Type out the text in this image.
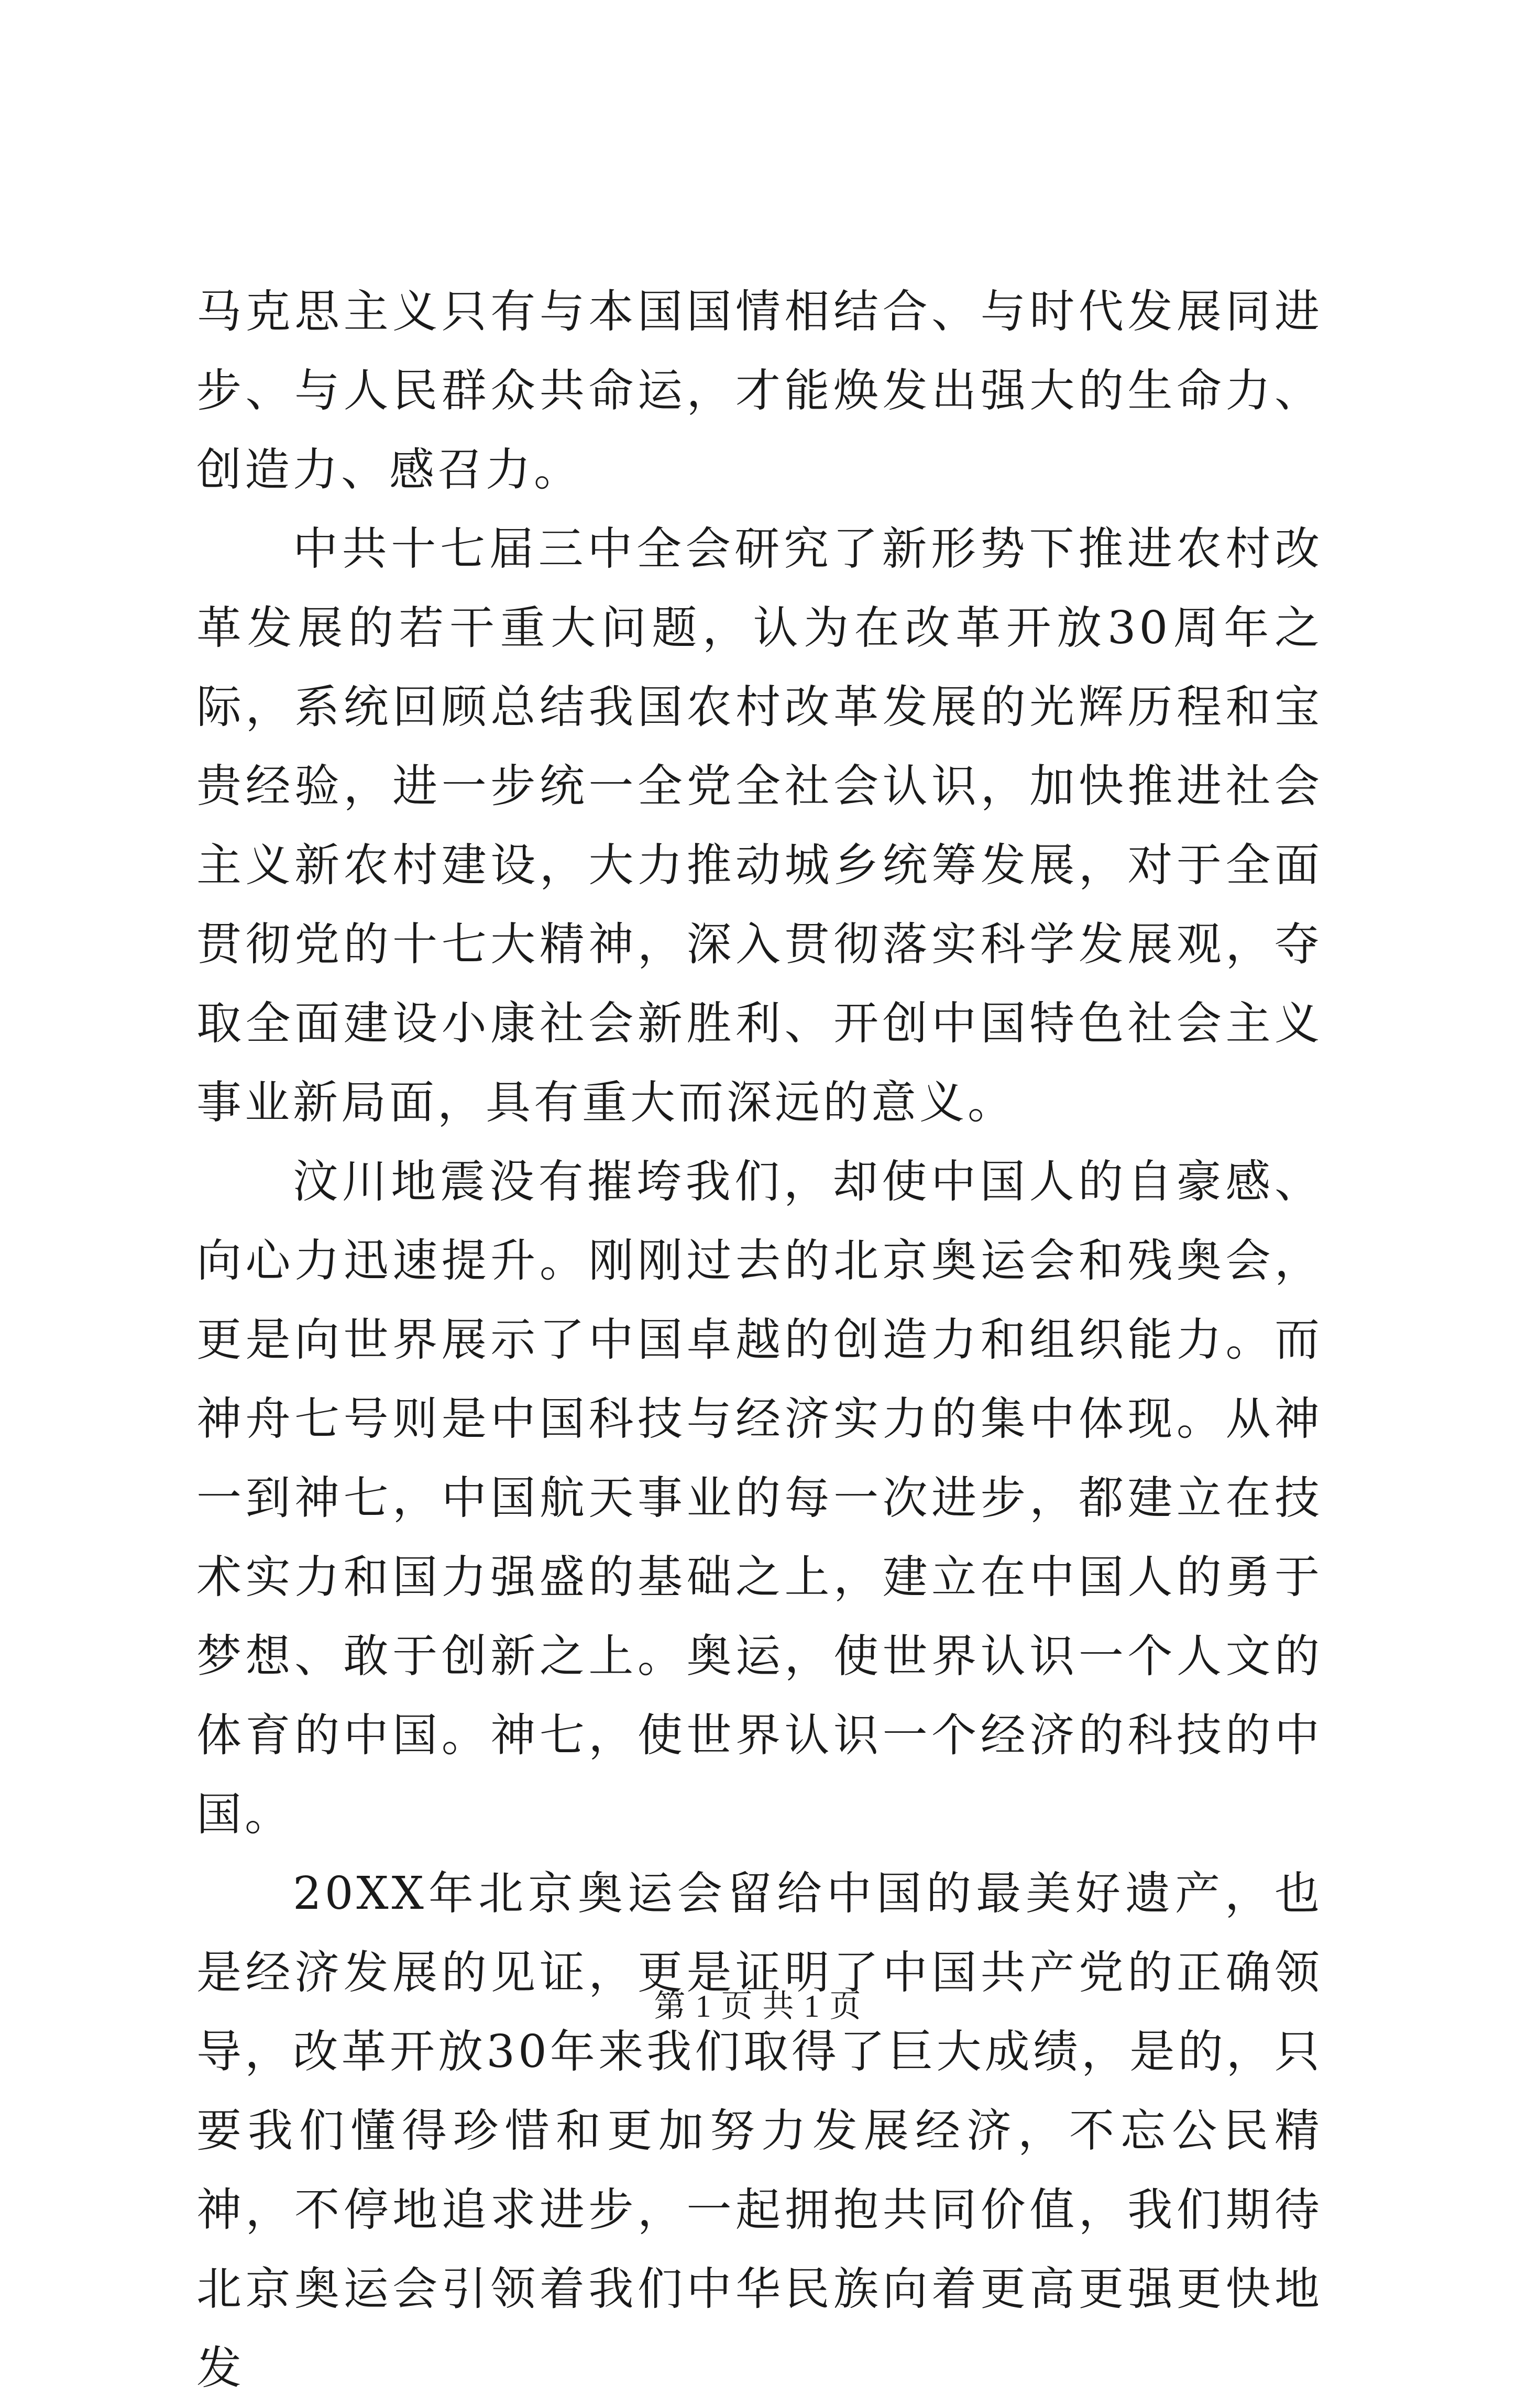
马克思主义只有与本国国情相结合、与时代发展同进步、与人民群众共命运，才能焕发出强大的生命力、创造力、感召力。

中共十七届三中全会研究了新形势下推进农村改革发展的若干重大问题，认为在改革开放30周年之际，系统回顾总结我国农村改革发展的光辉历程和宝贵经验，进一步统一全党全社会认识，加快推进社会主义新农村建设，大力推动城乡统筹发展，对于全面贯彻党的十七大精神，深入贯彻落实科学发展观，夺取全面建设小康社会新胜利、开创中国特色社会主义事业新局面，具有重大而深远的意义。

汶川地震没有摧垮我们，却使中国人的自豪感、向心力迅速提升。刚刚过去的北京奥运会和残奥会，更是向世界展示了中国卓越的创造力和组织能力。而神舟七号则是中国科技与经济实力的集中体现。从神一到神七，中国航天事业的每一次进步，都建立在技术实力和国力强盛的基础之上，建立在中国人的勇于梦想、敢于创新之上。奥运，使世界认识一个人文的体育的中国。神七，使世界认识一个经济的科技的中国。

20XX年北京奥运会留给中国的最美好遗产，也是经济发展的见证，更是证明了中国共产党的正确领导，改革开放30年来我们取得了巨大成绩，是的，只要我们懂得珍惜和更加努力发展经济，不忘公民精神，不停地追求进步，一起拥抱共同价值，我们期待北京奥运会引领着我们中华民族向着更高更强更快地发

第 1 页 共 1 页
